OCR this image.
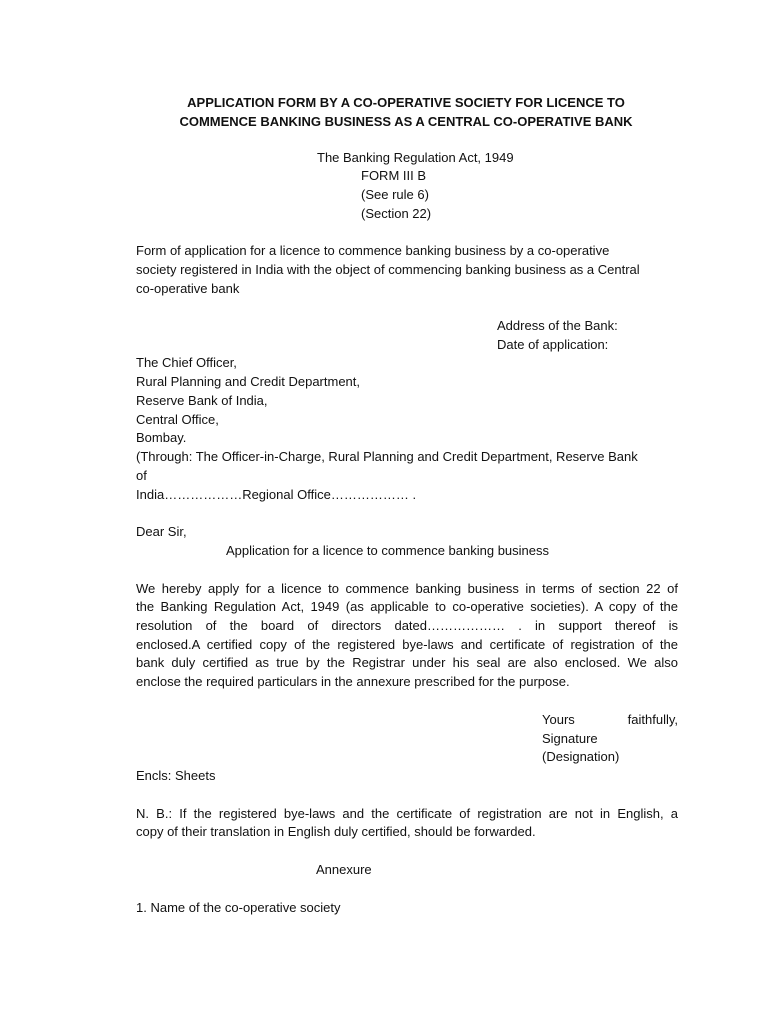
APPLICATION FORM BY A CO-OPERATIVE SOCIETY FOR LICENCE TO
COMMENCE BANKING BUSINESS AS A CENTRAL CO-OPERATIVE BANK
The Banking Regulation Act, 1949
FORM III B
(See rule 6)
(Section 22)
Form of application for a licence to commence banking business by a co-operative
society registered in India with the object of commencing banking business as a Central
co-operative bank
Address of the Bank:
Date of application:
The Chief Officer,
Rural Planning and Credit Department,
Reserve Bank of India,
Central Office,
Bombay.
(Through: The Officer-in-Charge, Rural Planning and Credit Department, Reserve Bank
of
India………………Regional Office……………… .
Dear Sir,
Application for a licence to commence banking business
We hereby apply for a licence to commence banking business in terms of section 22 of
the Banking Regulation Act, 1949 (as applicable to co-operative societies). A copy of the
resolution of the board of directors dated……………… . in support thereof is
enclosed.A certified copy of the registered bye-laws and certificate of registration of the
bank duly certified as true by the Registrar under his seal are also enclosed. We also
enclose the required particulars in the annexure prescribed for the purpose.
Yours	faithfully,
Signature
(Designation)
Encls: Sheets
N. B.: If the registered bye-laws and the certificate of registration are not in English, a
copy of their translation in English duly certified, should be forwarded.
Annexure
1. Name of the co-operative society
